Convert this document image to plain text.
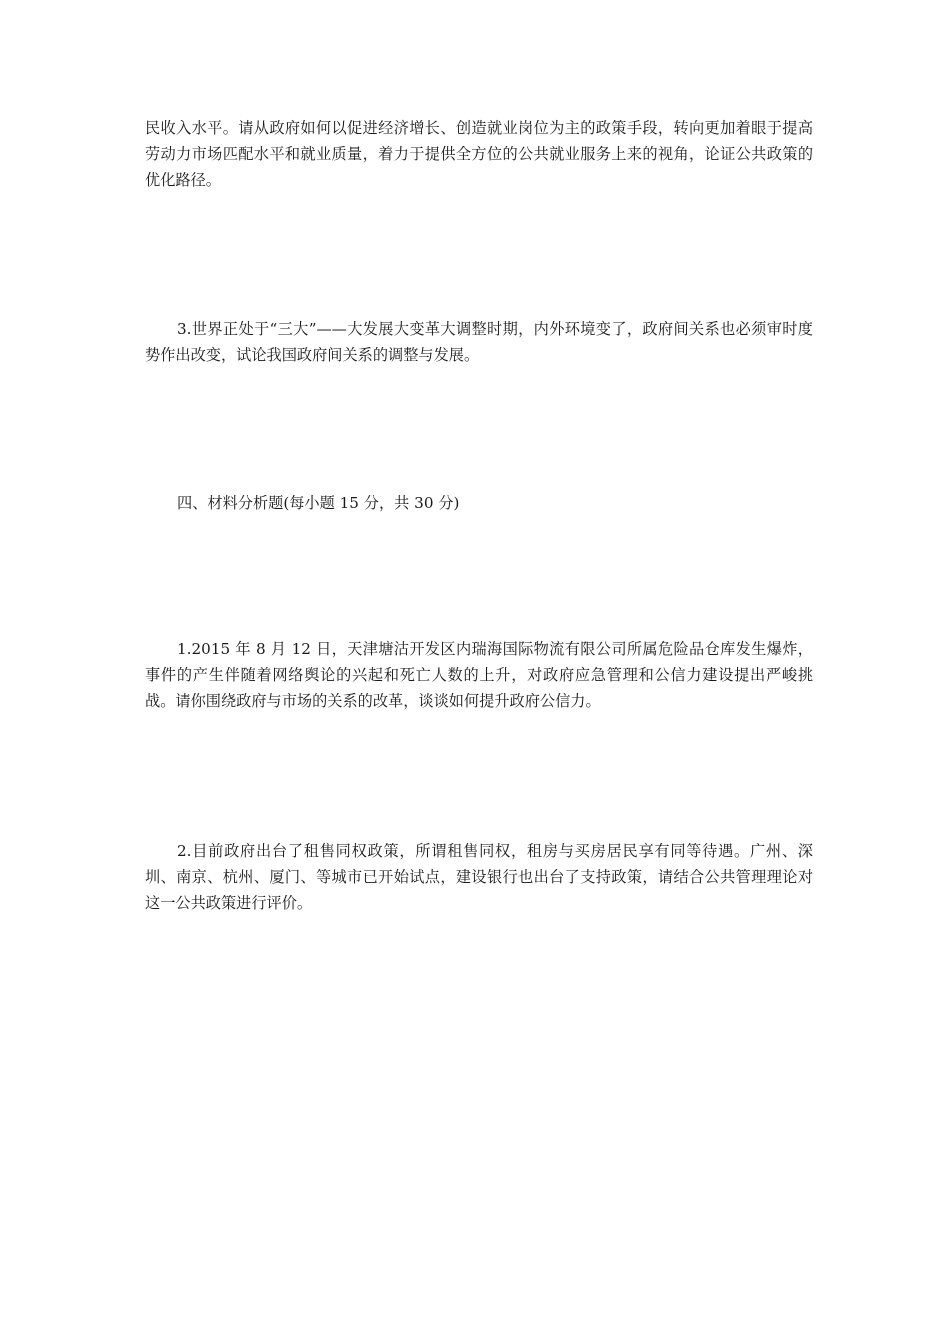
民收入水平。请从政府如何以促进经济增长、创造就业岗位为主的政策手段，转向更加着眼于提高劳动力市场匹配水平和就业质量，着力于提供全方位的公共就业服务上来的视角，论证公共政策的优化路径。

3.世界正处于“三大”——大发展大变革大调整时期，内外环境变了，政府间关系也必须审时度势作出改变，试论我国政府间关系的调整与发展。

四、材料分析题(每小题 15 分，共 30 分)

1.2015 年 8 月 12 日，天津塘沽开发区内瑞海国际物流有限公司所属危险品仓库发生爆炸，事件的产生伴随着网络舆论的兴起和死亡人数的上升，对政府应急管理和公信力建设提出严峻挑战。请你围绕政府与市场的关系的改革，谈谈如何提升政府公信力。

2.目前政府出台了租售同权政策，所谓租售同权，租房与买房居民享有同等待遇。广州、深圳、南京、杭州、厦门、等城市已开始试点，建设银行也出台了支持政策，请结合公共管理理论对这一公共政策进行评价。
